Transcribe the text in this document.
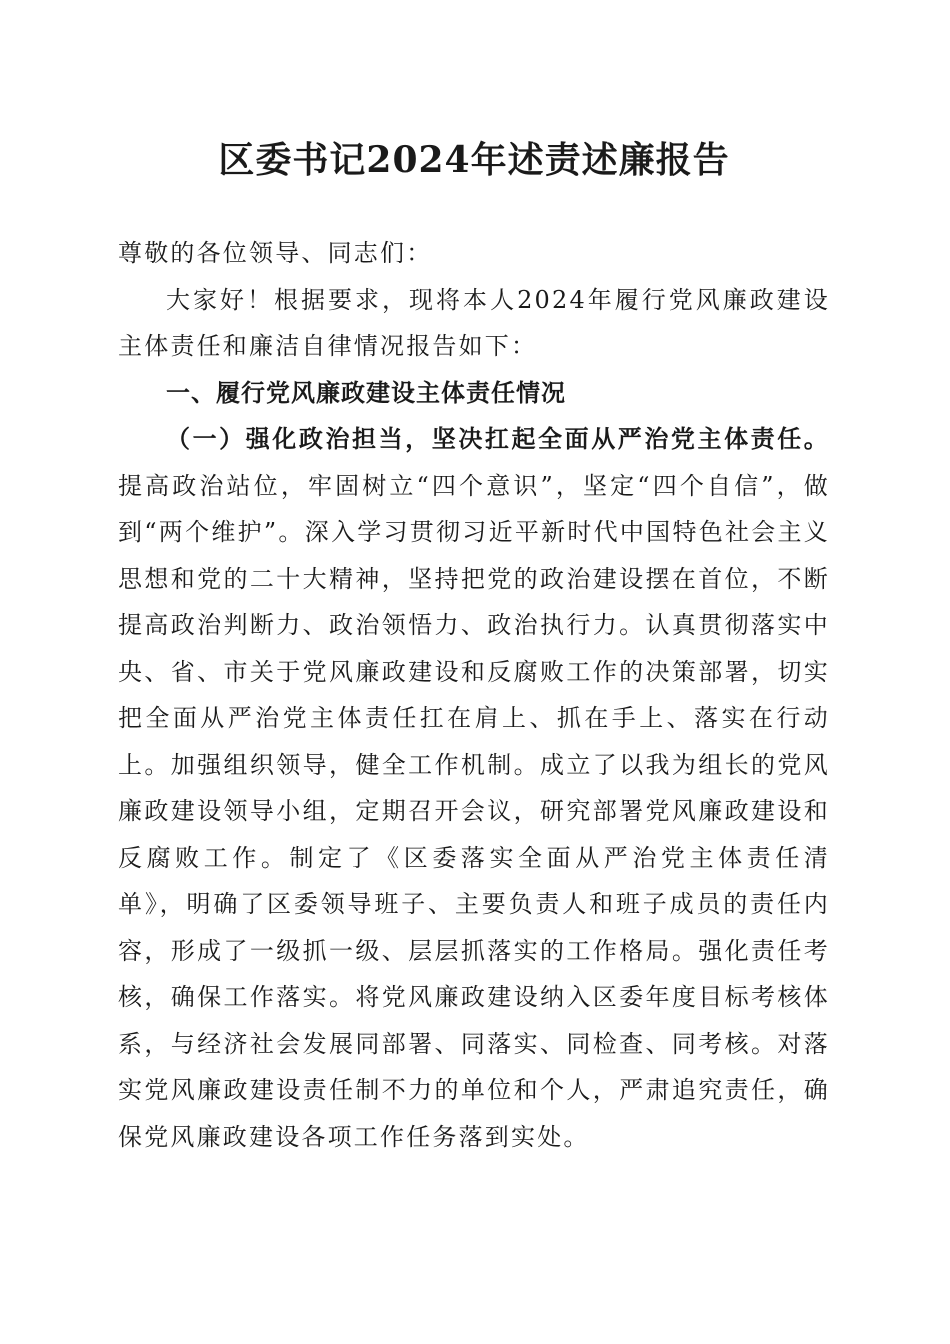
区委书记2024年述责述廉报告

尊敬的各位领导、同志们：

大家好！根据要求，现将本人2024年履行党风廉政建设主体责任和廉洁自律情况报告如下：

一、履行党风廉政建设主体责任情况

（一）强化政治担当，坚决扛起全面从严治党主体责任。提高政治站位，牢固树立“四个意识”，坚定“四个自信”，做到“两个维护”。深入学习贯彻习近平新时代中国特色社会主义思想和党的二十大精神，坚持把党的政治建设摆在首位，不断提高政治判断力、政治领悟力、政治执行力。认真贯彻落实中央、省、市关于党风廉政建设和反腐败工作的决策部署，切实把全面从严治党主体责任扛在肩上、抓在手上、落实在行动上。加强组织领导，健全工作机制。成立了以我为组长的党风廉政建设领导小组，定期召开会议，研究部署党风廉政建设和反腐败工作。制定了《区委落实全面从严治党主体责任清单》，明确了区委领导班子、主要负责人和班子成员的责任内容，形成了一级抓一级、层层抓落实的工作格局。强化责任考核，确保工作落实。将党风廉政建设纳入区委年度目标考核体系，与经济社会发展同部署、同落实、同检查、同考核。对落实党风廉政建设责任制不力的单位和个人，严肃追究责任，确保党风廉政建设各项工作任务落到实处。
